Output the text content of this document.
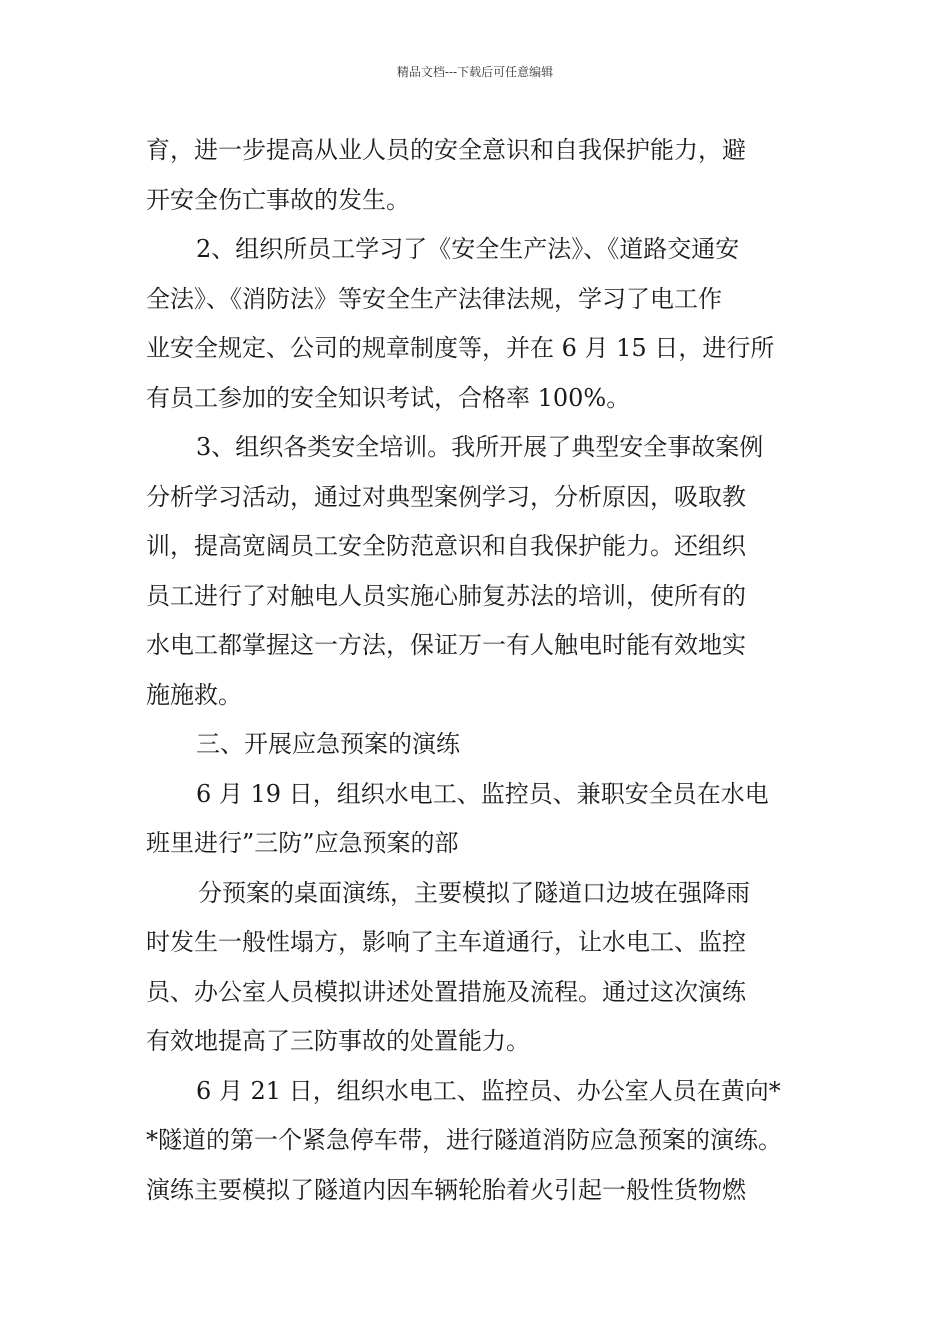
精品文档---下载后可任意编辑
育，进一步提高从业人员的安全意识和自我保护能力，避
开安全伤亡事故的发生。
2、组织所员工学习了《安全生产法》、《道路交通安
全法》、《消防法》等安全生产法律法规，学习了电工作
业安全规定、公司的规章制度等，并在 6 月 15 日，进行所
有员工参加的安全知识考试，合格率 100%。
3、组织各类安全培训。我所开展了典型安全事故案例
分析学习活动，通过对典型案例学习，分析原因，吸取教
训，提高宽阔员工安全防范意识和自我保护能力。还组织
员工进行了对触电人员实施心肺复苏法的培训，使所有的
水电工都掌握这一方法，保证万一有人触电时能有效地实
施施救。
三、开展应急预案的演练
6 月 19 日，组织水电工、监控员、兼职安全员在水电
班里进行”三防”应急预案的部
分预案的桌面演练，主要模拟了隧道口边坡在强降雨
时发生一般性塌方，影响了主车道通行，让水电工、监控
员、办公室人员模拟讲述处置措施及流程。通过这次演练
有效地提高了三防事故的处置能力。
6 月 21 日，组织水电工、监控员、办公室人员在黄向*
*隧道的第一个紧急停车带，进行隧道消防应急预案的演练。
演练主要模拟了隧道内因车辆轮胎着火引起一般性货物燃
